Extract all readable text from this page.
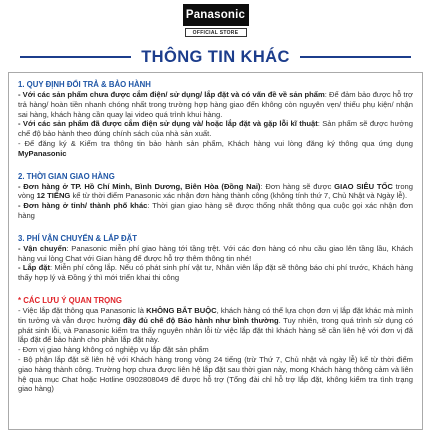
Panasonic
OFFICIAL STORE
THÔNG TIN KHÁC
1. QUY ĐỊNH ĐỔI TRẢ & BẢO HÀNH

- Với các sản phẩm chưa được cắm điện/ sử dụng/ lắp đặt và có vấn đề về sản phẩm: Để đảm bảo được hỗ trợ trả hàng/ hoàn tiền nhanh chóng nhất trong trường hợp hàng giao đến không còn nguyên vẹn/ thiếu phụ kiện/ nhận sai hàng, khách hàng cần quay lại video quá trình khui hàng.

- Với các sản phẩm đã được cắm điện sử dụng và/ hoặc lắp đặt và gặp lỗi kĩ thuật: Sản phẩm sẽ được hưởng chế độ bảo hành theo đúng chính sách của nhà sản xuất.

- Để đăng ký & Kiểm tra thông tin bảo hành sản phẩm, Khách hàng vui lòng đăng ký thông qua ứng dụng MyPanasonic

2. THỜI GIAN GIAO HÀNG

- Đơn hàng ở TP. Hồ Chí Minh, Bình Dương, Biên Hòa (Đồng Nai): Đơn hàng sẽ được GIAO SIÊU TỐC trong vòng 12 TIẾNG kể từ thời điểm Panasonic xác nhận đơn hàng thành công (không tính thứ 7, Chủ Nhật và Ngày lễ).

- Đơn hàng ở tỉnh/ thành phố khác: Thời gian giao hàng sẽ được thống nhất thông qua cuộc gọi xác nhận đơn hàng

3. PHÍ VẬN CHUYỂN & LẮP ĐẶT

- Vận chuyển: Panasonic miễn phí giao hàng tới tầng trệt. Với các đơn hàng có nhu cầu giao lên tầng lầu, Khách hàng vui lòng Chat với Gian hàng để được hỗ trợ thêm thông tin nhé!

- Lắp đặt: Miễn phí công lắp. Nếu có phát sinh phí vật tư, Nhân viên lắp đặt sẽ thông báo chi phí trước, Khách hàng thấy hợp lý và Đồng ý thì mới triển khai thi công

* CÁC LƯU Ý QUAN TRỌNG

- Việc lắp đặt thông qua Panasonic là KHÔNG BẮT BUỘC, khách hàng có thể lựa chọn đơn vị lắp đặt khác mà mình tin tưởng và vẫn được hưởng đầy đủ chế độ Bảo hành như bình thường. Tuy nhiên, trong quá trình sử dụng có phát sinh lỗi, và Panasonic kiểm tra thấy nguyên nhân lỗi từ việc lắp đặt thì khách hàng sẽ cần liên hệ với đơn vị đã lắp đặt để bảo hành cho phần lắp đặt này.

- Đơn vị giao hàng không có nghiệp vụ lắp đặt sản phẩm

- Bộ phận lắp đặt sẽ liên hệ với Khách hàng trong vòng 24 tiếng (trừ Thứ 7, Chủ nhật và ngày lễ) kể từ thời điểm giao hàng thành công. Trường hợp chưa được liên hệ lắp đặt sau thời gian này, mong Khách hàng thông cảm và liên hệ qua mục Chat hoặc Hotline 0902808049 để được hỗ trợ (Tổng đài chỉ hỗ trợ lắp đặt, không kiểm tra tình trạng giao hàng)
